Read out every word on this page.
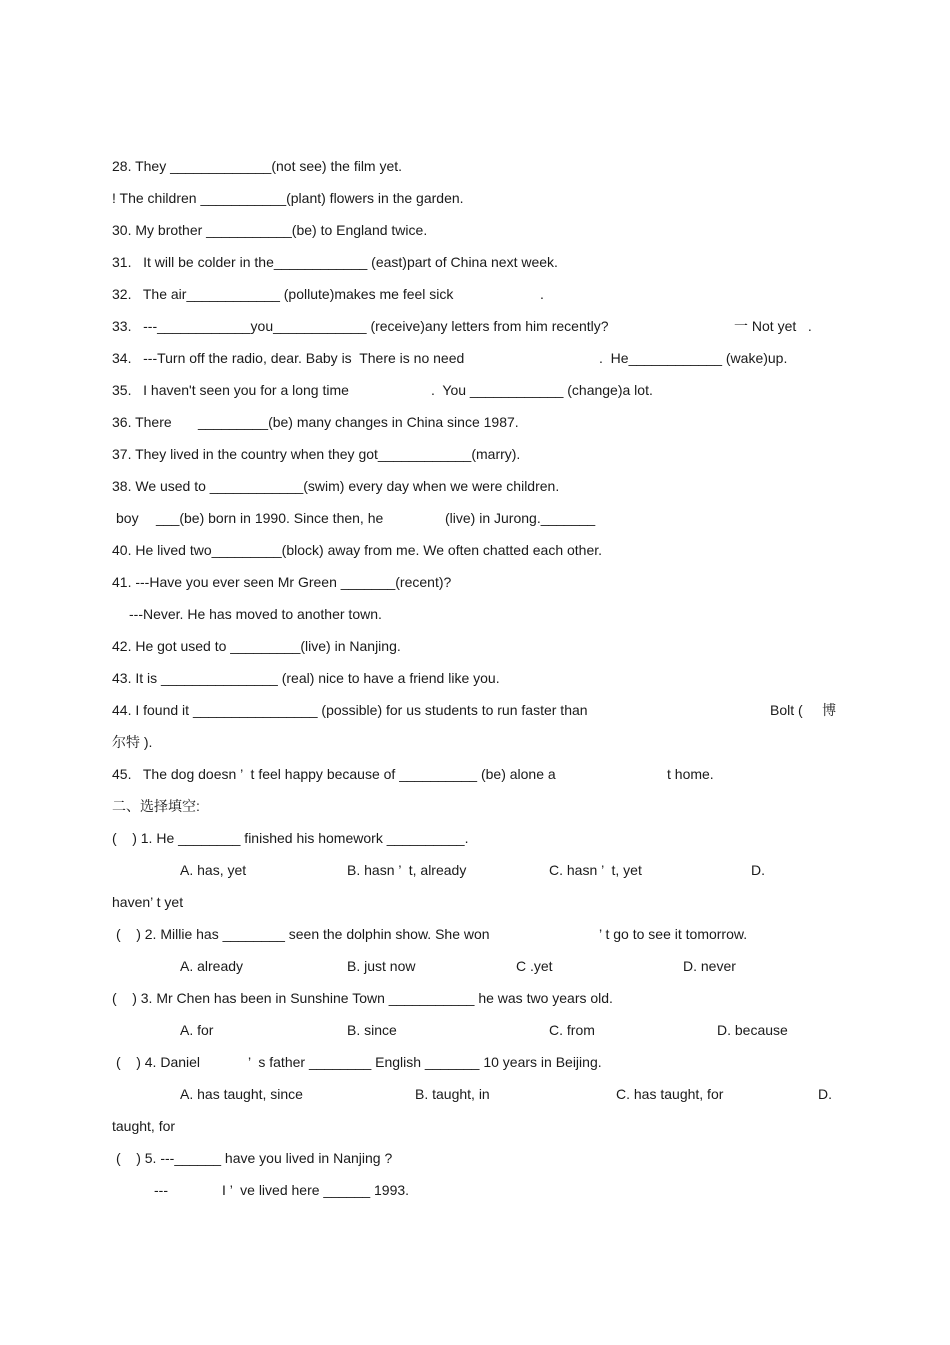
28. They _____________(not see) the film yet.
! The children ___________(plant) flowers in the garden.
30. My brother ___________(be) to England twice.
31.   It will be colder in the____________ (east)part of China next week.
32.   The air____________ (pollute)makes me feel sick	.
33.   ---____________you____________ (receive)any letters from him recently?	一 Not yet   .
34.   ---Turn off the radio, dear. Baby is  There is no need	.  He____________ (wake)up.
35.   I haven't seen you for a long time	.  You ____________ (change)a lot.
36. There _________(be) many changes in China since 1987.
37. They lived in the country when they got____________(marry).
38. We used to ____________(swim) every day when we were children.
boy ___(be) born in 1990. Since then, he	(live) in Jurong._______
40. He lived two_________(block) away from me. We often chatted each other.
41. ---Have you ever seen Mr Green _______(recent)?
---Never. He has moved to another town.
42. He got used to _________(live) in Nanjing.
43. It is _______________ (real) nice to have a friend like you.
44. I found it ________________ (possible) for us students to run faster than	Bolt (     博
尔特 ).
45.   The dog doesn ’  t feel happy because of __________ (be) alone a	t home.
二、选择填空:
(    ) 1. He ________ finished his homework __________.
A. has, yet	B. hasn ’  t, already	C. hasn ’  t, yet	D.
haven’ t yet
(    ) 2. Millie has ________ seen the dolphin show. She won	’ t go to see it tomorrow.
A. already	B. just now	C .yet	D. never
(    ) 3. Mr Chen has been in Sunshine Town ___________ he was two years old.
A. for	B. since	C. from	D. because
(    ) 4. Daniel	’  s father ________ English _______ 10 years in Beijing.
A. has taught, since	B. taught, in	C. has taught, for	D.
taught, for
(    ) 5. ---______ have you lived in Nanjing ?
---	I ’  ve lived here ______ 1993.
